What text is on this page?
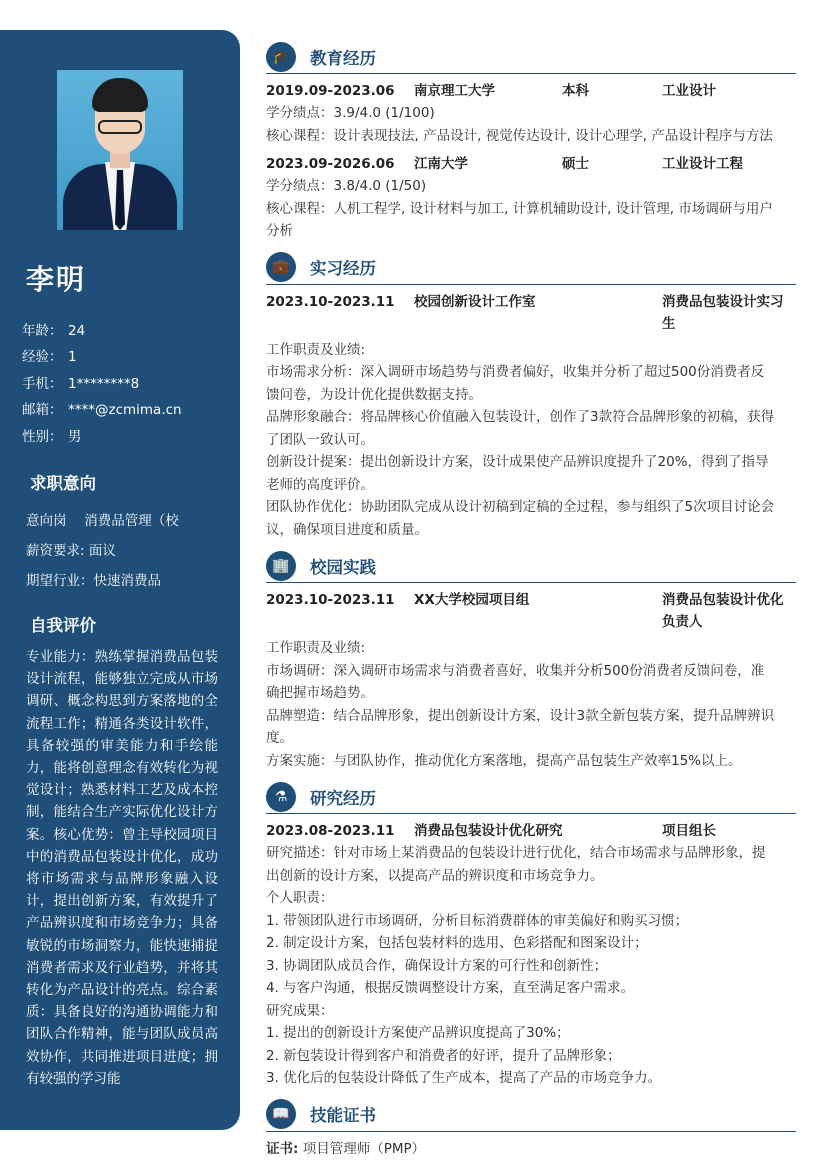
李明
年龄： 24
经验： 1
手机： 1********8
邮箱： ****@zcmima.cn
性别： 男
求职意向
意向岗　 消费品管理（校
薪资要求: 面议
期望行业：快速消费品
自我评价
专业能力：熟练掌握消费品包装设计流程，能够独立完成从市场调研、概念构思到方案落地的全流程工作；精通各类设计软件，具备较强的审美能力和手绘能力，能将创意理念有效转化为视觉设计；熟悉材料工艺及成本控制，能结合生产实际优化设计方案。核心优势：曾主导校园项目中的消费品包装设计优化，成功将市场需求与品牌形象融入设计，提出创新方案，有效提升了产品辨识度和市场竞争力；具备敏锐的市场洞察力，能快速捕捉消费者需求及行业趋势，并将其转化为产品设计的亮点。综合素质：具备良好的沟通协调能力和团队合作精神，能与团队成员高效协作，共同推进项目进度；拥有较强的学习能
🎓	教育经历
2019.09-2023.06	南京理工大学	本科	工业设计
学分绩点：3.9/4.0 (1/100)
核心课程：设计表现技法, 产品设计, 视觉传达设计, 设计心理学, 产品设计程序与方法
2023.09-2026.06	江南大学	硕士	工业设计工程
学分绩点：3.8/4.0 (1/50)
核心课程：人机工程学, 设计材料与加工, 计算机辅助设计, 设计管理, 市场调研与用户
分析
💼	实习经历
2023.10-2023.11	校园创新设计工作室	消费品包装设计实习
生
工作职责及业绩:
市场需求分析：深入调研市场趋势与消费者偏好，收集并分析了超过500份消费者反
馈问卷，为设计优化提供数据支持。
品牌形象融合：将品牌核心价值融入包装设计，创作了3款符合品牌形象的初稿，获得
了团队一致认可。
创新设计提案：提出创新设计方案，设计成果使产品辨识度提升了20%，得到了指导
老师的高度评价。
团队协作优化：协助团队完成从设计初稿到定稿的全过程，参与组织了5次项目讨论会
议，确保项目进度和质量。
🏢	校园实践
2023.10-2023.11	XX大学校园项目组	消费品包装设计优化
负责人
工作职责及业绩:
市场调研：深入调研市场需求与消费者喜好，收集并分析500份消费者反馈问卷，准
确把握市场趋势。
品牌塑造：结合品牌形象，提出创新设计方案，设计3款全新包装方案，提升品牌辨识
度。
方案实施：与团队协作，推动优化方案落地，提高产品包装生产效率15%以上。
⚗	研究经历
2023.08-2023.11	消费品包装设计优化研究	项目组长
研究描述：针对市场上某消费品的包装设计进行优化，结合市场需求与品牌形象，提
出创新的设计方案，以提高产品的辨识度和市场竞争力。
个人职责：
1. 带领团队进行市场调研，分析目标消费群体的审美偏好和购买习惯；
2. 制定设计方案，包括包装材料的选用、色彩搭配和图案设计；
3. 协调团队成员合作，确保设计方案的可行性和创新性；
4. 与客户沟通，根据反馈调整设计方案，直至满足客户需求。
研究成果：
1. 提出的创新设计方案使产品辨识度提高了30%；
2. 新包装设计得到客户和消费者的好评，提升了品牌形象；
3. 优化后的包装设计降低了生产成本，提高了产品的市场竞争力。
📖	技能证书
证书: 项目管理师（PMP）
